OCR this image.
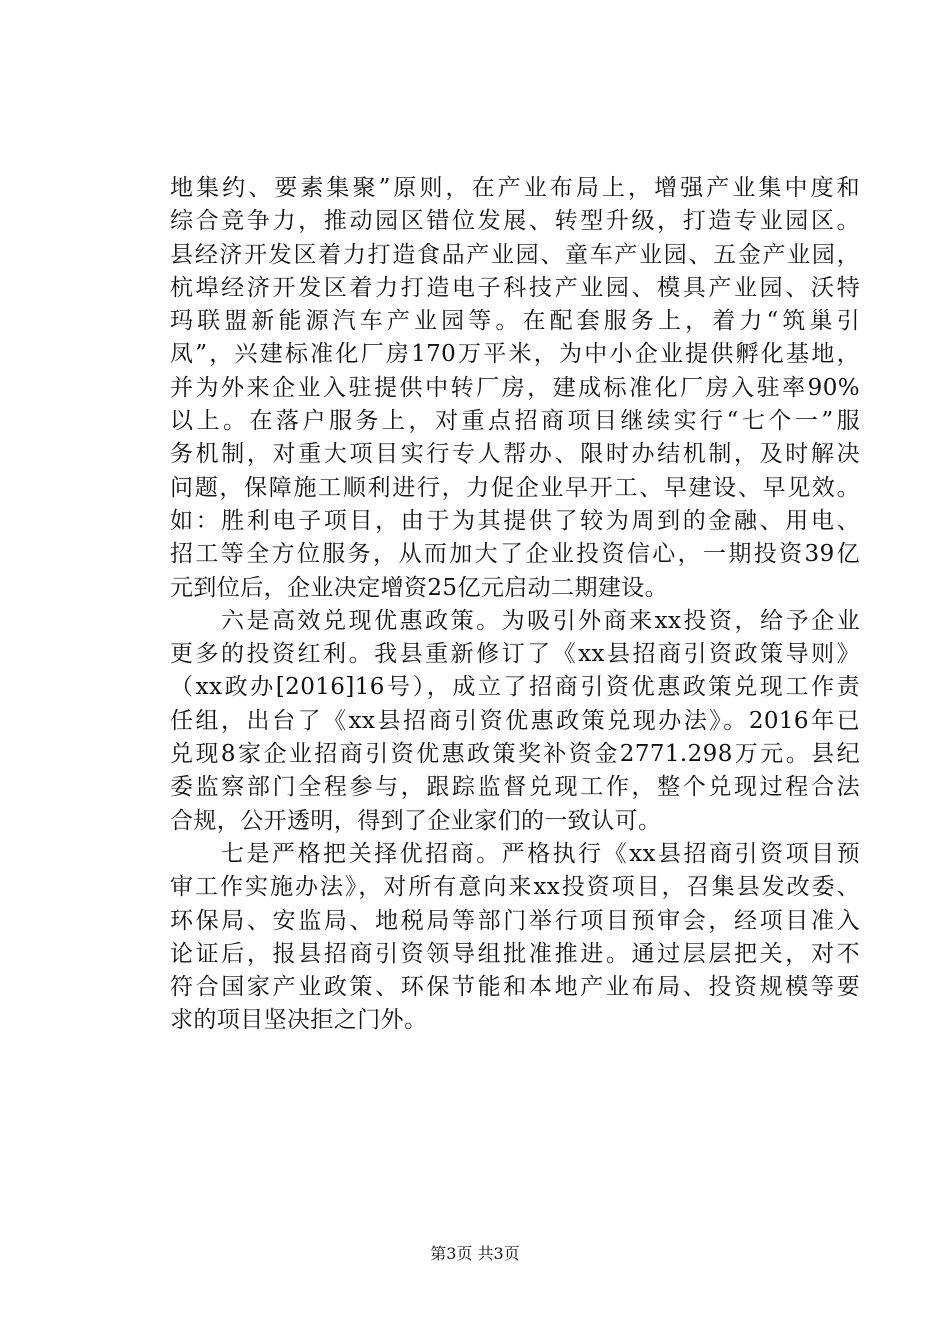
地集约、要素集聚”原则，在产业布局上，增强产业集中度和
综合竞争力，推动园区错位发展、转型升级，打造专业园区。
县经济开发区着力打造食品产业园、童车产业园、五金产业园，
杭埠经济开发区着力打造电子科技产业园、模具产业园、沃特
玛联盟新能源汽车产业园等。在配套服务上，着力“筑巢引
凤”，兴建标准化厂房170万平米，为中小企业提供孵化基地，
并为外来企业入驻提供中转厂房，建成标准化厂房入驻率90%
以上。在落户服务上，对重点招商项目继续实行“七个一”服
务机制，对重大项目实行专人帮办、限时办结机制，及时解决
问题，保障施工顺利进行，力促企业早开工、早建设、早见效。
如：胜利电子项目，由于为其提供了较为周到的金融、用电、
招工等全方位服务，从而加大了企业投资信心，一期投资39亿
元到位后，企业决定增资25亿元启动二期建设。
　　六是高效兑现优惠政策。为吸引外商来xx投资，给予企业
更多的投资红利。我县重新修订了《xx县招商引资政策导则》
（xx政办[2016]16号），成立了招商引资优惠政策兑现工作责
任组，出台了《xx县招商引资优惠政策兑现办法》。2016年已
兑现8家企业招商引资优惠政策奖补资金2771.298万元。县纪
委监察部门全程参与，跟踪监督兑现工作，整个兑现过程合法
合规，公开透明，得到了企业家们的一致认可。
　　七是严格把关择优招商。严格执行《xx县招商引资项目预
审工作实施办法》，对所有意向来xx投资项目，召集县发改委、
环保局、安监局、地税局等部门举行项目预审会，经项目准入
论证后，报县招商引资领导组批准推进。通过层层把关，对不
符合国家产业政策、环保节能和本地产业布局、投资规模等要
求的项目坚决拒之门外。
第3页 共3页
